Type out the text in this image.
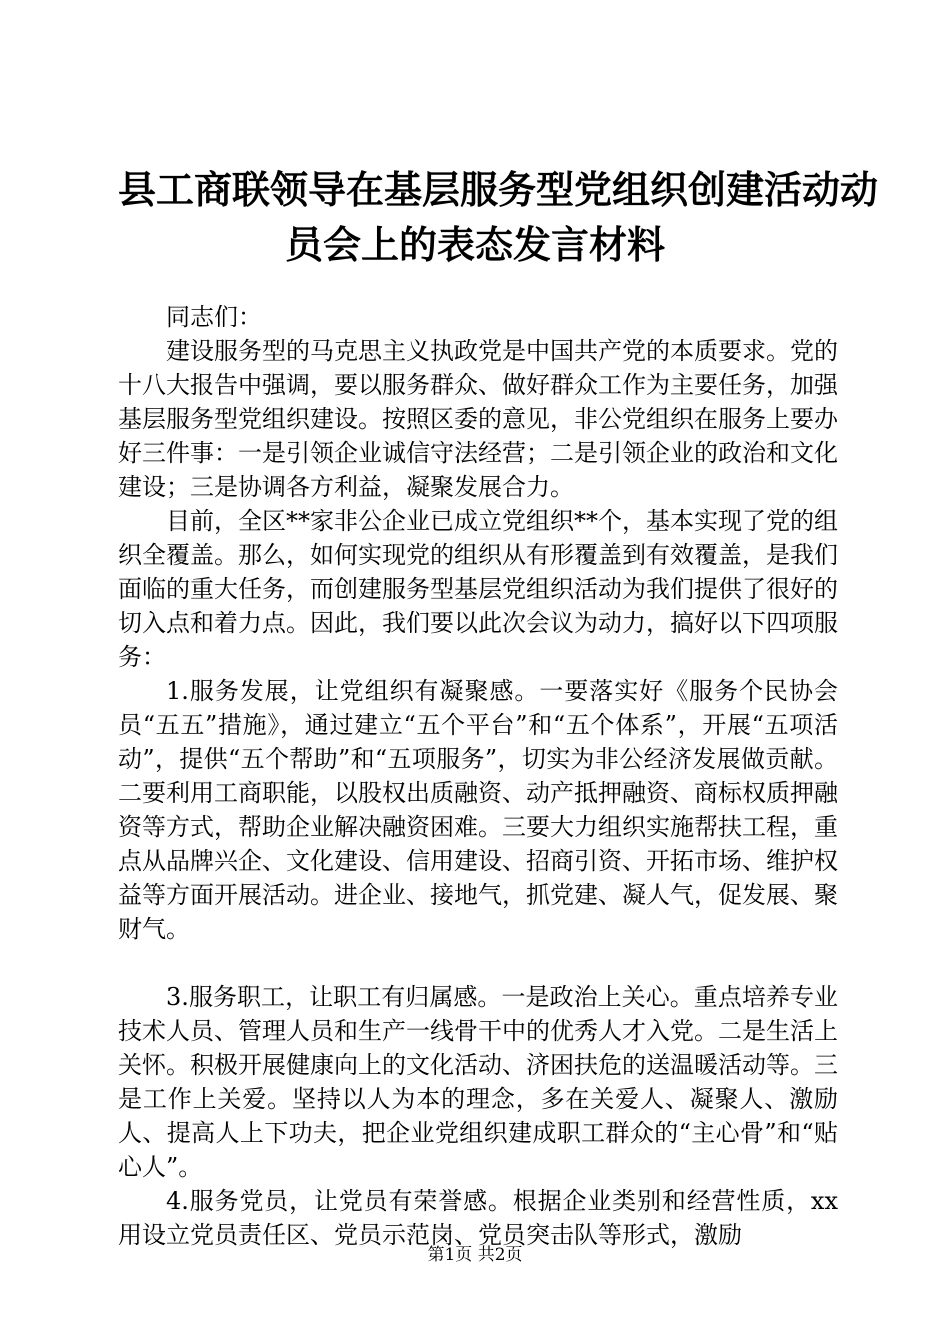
县工商联领导在基层服务型党组织创建活动动
员会上的表态发言材料

同志们：

建设服务型的马克思主义执政党是中国共产党的本质要求。党的十八大报告中强调，要以服务群众、做好群众工作为主要任务，加强基层服务型党组织建设。按照区委的意见，非公党组织在服务上要办好三件事：一是引领企业诚信守法经营；二是引领企业的政治和文化建设；三是协调各方利益，凝聚发展合力。

目前，全区**家非公企业已成立党组织**个，基本实现了党的组织全覆盖。那么，如何实现党的组织从有形覆盖到有效覆盖，是我们面临的重大任务，而创建服务型基层党组织活动为我们提供了很好的切入点和着力点。因此，我们要以此次会议为动力，搞好以下四项服务：

1.服务发展，让党组织有凝聚感。一要落实好《服务个民协会员“五五”措施》，通过建立“五个平台”和“五个体系”，开展“五项活动”，提供“五个帮助”和“五项服务”，切实为非公经济发展做贡献。二要利用工商职能，以股权出质融资、动产抵押融资、商标权质押融资等方式，帮助企业解决融资困难。三要大力组织实施帮扶工程，重点从品牌兴企、文化建设、信用建设、招商引资、开拓市场、维护权益等方面开展活动。进企业、接地气，抓党建、凝人气，促发展、聚财气。

3.服务职工，让职工有归属感。一是政治上关心。重点培养专业技术人员、管理人员和生产一线骨干中的优秀人才入党。二是生活上关怀。积极开展健康向上的文化活动、济困扶危的送温暖活动等。三是工作上关爱。坚持以人为本的理念，多在关爱人、凝聚人、激励人、提高人上下功夫，把企业党组织建成职工群众的“主心骨”和“贴心人”。

4.服务党员，让党员有荣誉感。根据企业类别和经营性质，xx用设立党员责任区、党员示范岗、党员突击队等形式，激励

第1页 共2页
